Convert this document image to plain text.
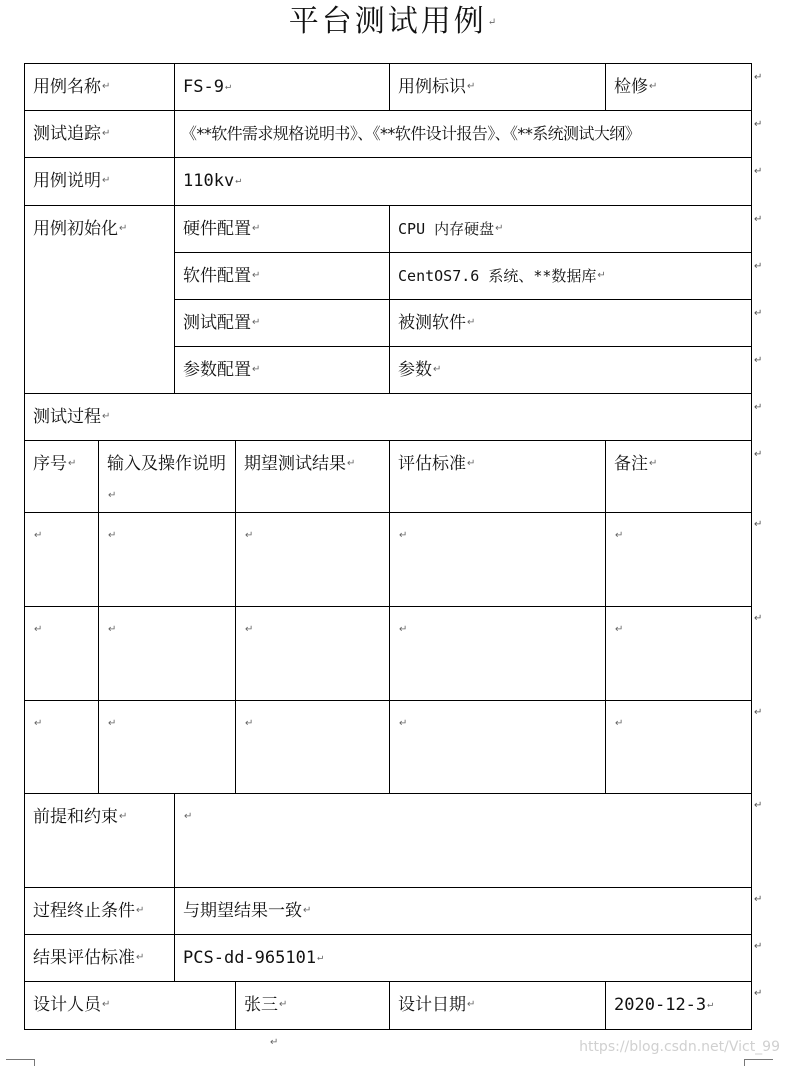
平台测试用例 ↵
用例名称 ↵		FS-9 ↵		用例标识 ↵	检修 ↵
测试追踪 ↵		《**软件需求规格说明书》、《**软件设计报告》、《**系统测试大纲》			
用例说明 ↵		110kv ↵
用例初始化 ↵		硬件配置 ↵		CPU 内存硬盘 ↵
		软件配置 ↵		CentOS7.6 系统、**数据库 ↵
		测试配置 ↵		被测软件 ↵
		参数配置 ↵		参数 ↵
测试过程 ↵
序号 ↵	输入及操作说明 ↵		期望测试结果 ↵	评估标准 ↵	备注 ↵
↵	↵	↵	↵	↵
↵	↵	↵	↵	↵
↵	↵	↵	↵	↵
前提和约束 ↵	↵
过程终止条件 ↵		与期望结果一致 ↵
结果评估标准 ↵		PCS-dd-965101 ↵
设计人员 ↵			张三 ↵	设计日期 ↵	2020-12-3 ↵
↵
↵
↵
↵
↵
↵
↵
↵
↵
↵
↵
↵
↵
↵
↵
↵
↵	https://blog.csdn.net/Vict_99
